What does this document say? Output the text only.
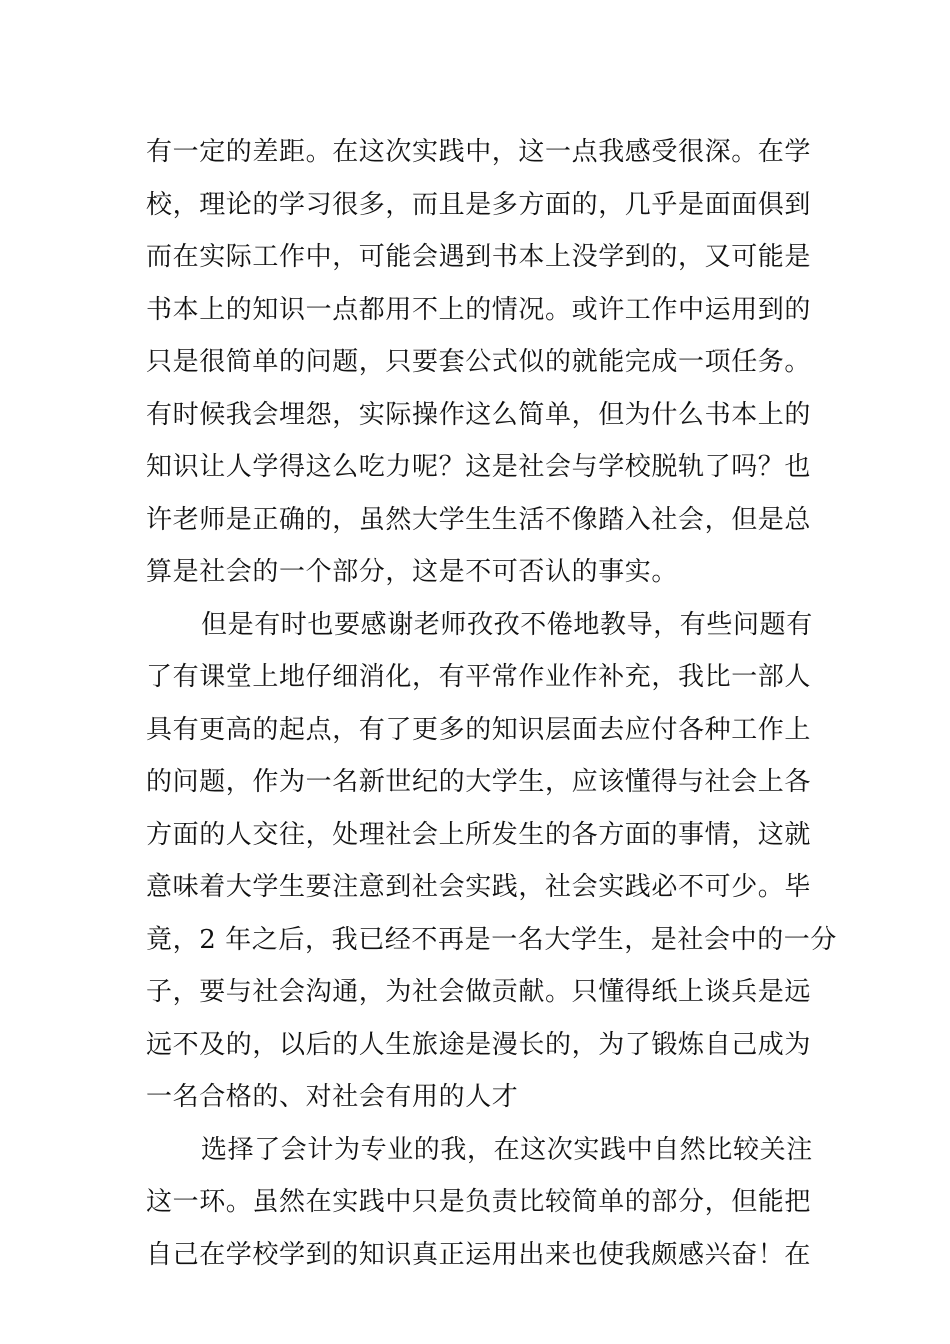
有一定的差距。在这次实践中，这一点我感受很深。在学
校，理论的学习很多，而且是多方面的，几乎是面面俱到
而在实际工作中，可能会遇到书本上没学到的，又可能是
书本上的知识一点都用不上的情况。或许工作中运用到的
只是很简单的问题，只要套公式似的就能完成一项任务。
有时候我会埋怨，实际操作这么简单，但为什么书本上的
知识让人学得这么吃力呢？这是社会与学校脱轨了吗？也
许老师是正确的，虽然大学生生活不像踏入社会，但是总
算是社会的一个部分，这是不可否认的事实。
但是有时也要感谢老师孜孜不倦地教导，有些问题有
了有课堂上地仔细消化，有平常作业作补充，我比一部人
具有更高的起点，有了更多的知识层面去应付各种工作上
的问题，作为一名新世纪的大学生，应该懂得与社会上各
方面的人交往，处理社会上所发生的各方面的事情，这就
意味着大学生要注意到社会实践，社会实践必不可少。毕
竟，2 年之后，我已经不再是一名大学生，是社会中的一分
子，要与社会沟通，为社会做贡献。只懂得纸上谈兵是远
远不及的，以后的人生旅途是漫长的，为了锻炼自己成为
一名合格的、对社会有用的人才
选择了会计为专业的我，在这次实践中自然比较关注
这一环。虽然在实践中只是负责比较简单的部分，但能把
自己在学校学到的知识真正运用出来也使我颇感兴奋！在
